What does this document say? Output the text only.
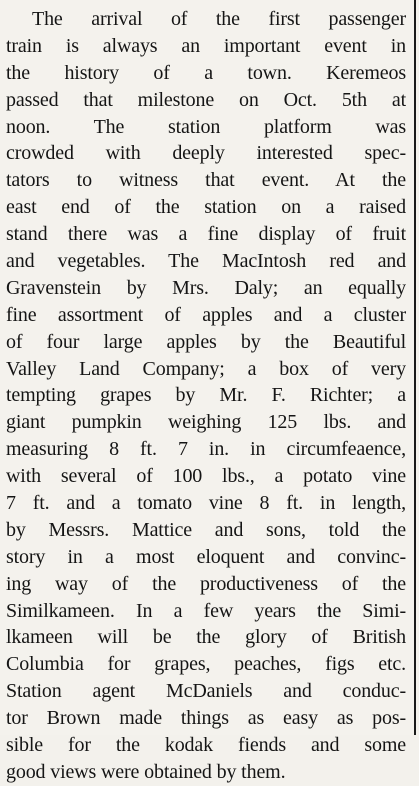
The arrival of the first passenger
train is always an important event in
the history of a town. Keremeos
passed that milestone on Oct. 5th at
noon. The station platform was
crowded with deeply interested spec-
tators to witness that event. At the
east end of the station on a raised
stand there was a fine display of fruit
and vegetables. The MacIntosh red and
Gravenstein by Mrs. Daly; an equally
fine assortment of apples and a cluster
of four large apples by the Beautiful
Valley Land Company; a box of very
tempting grapes by Mr. F. Richter; a
giant pumpkin weighing 125 lbs. and
measuring 8 ft. 7 in. in circumfeaence,
with several of 100 lbs., a potato vine
7 ft. and a tomato vine 8 ft. in length,
by Messrs. Mattice and sons, told the
story in a most eloquent and convinc-
ing way of the productiveness of the
Similkameen. In a few years the Simi-
lkameen will be the glory of British
Columbia for grapes, peaches, figs etc.
Station agent McDaniels and conduc-
tor Brown made things as easy as pos-
sible for the kodak fiends and some
good views were obtained by them.
